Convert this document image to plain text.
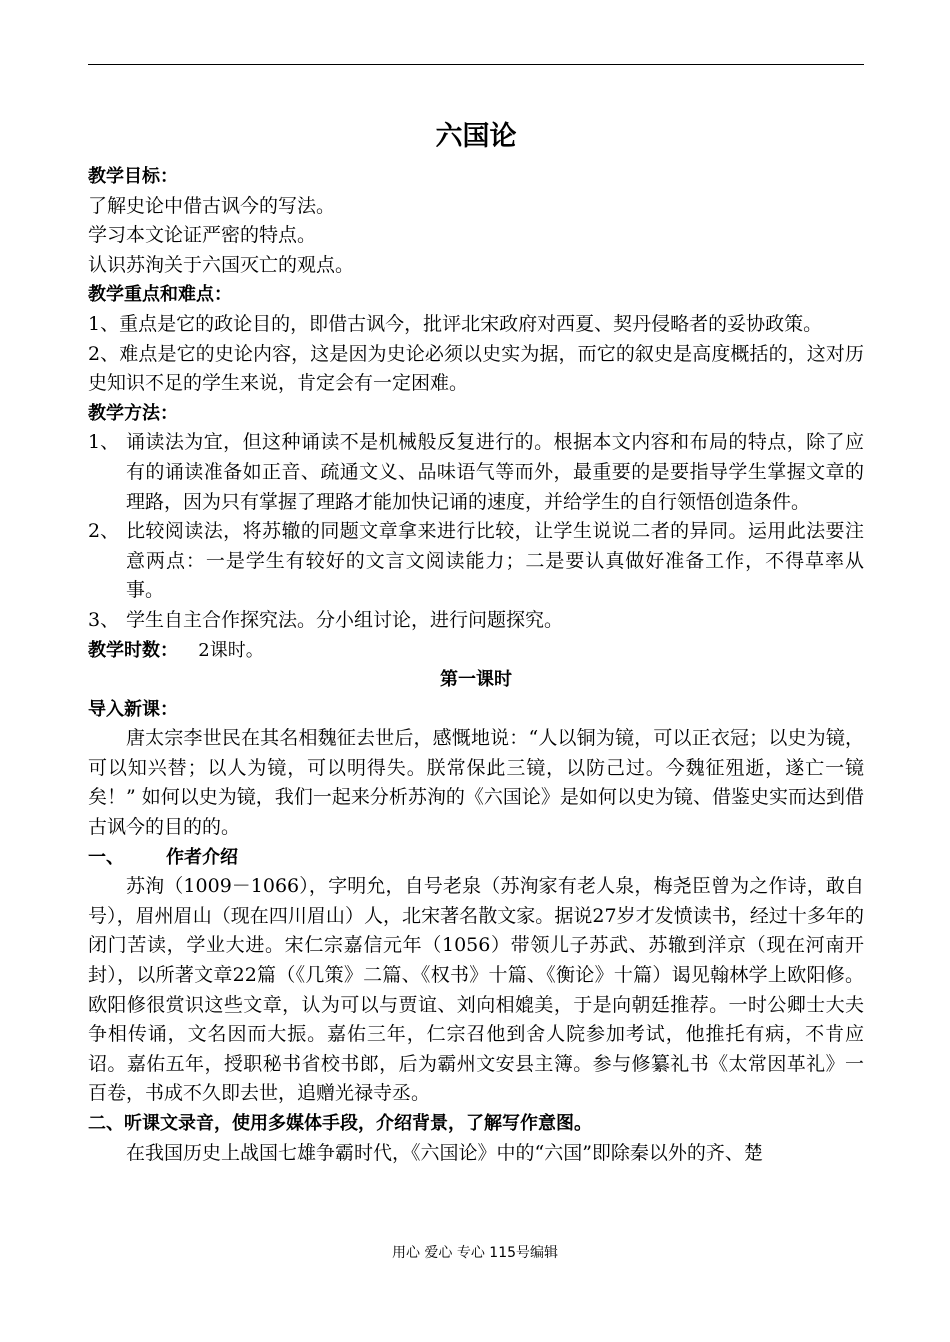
六国论

教学目标：

了解史论中借古讽今的写法。

学习本文论证严密的特点。

认识苏洵关于六国灭亡的观点。

教学重点和难点：

1、重点是它的政论目的，即借古讽今，批评北宋政府对西夏、契丹侵略者的妥协政策。

2、难点是它的史论内容，这是因为史论必须以史实为据，而它的叙史是高度概括的，这对历史知识不足的学生来说，肯定会有一定困难。

教学方法：

1、 诵读法为宜，但这种诵读不是机械般反复进行的。根据本文内容和布局的特点，除了应有的诵读准备如正音、疏通文义、品味语气等而外，最重要的是要指导学生掌握文章的理路，因为只有掌握了理路才能加快记诵的速度，并给学生的自行领悟创造条件。
2、 比较阅读法，将苏辙的同题文章拿来进行比较，让学生说说二者的异同。运用此法要注意两点：一是学生有较好的文言文阅读能力；二是要认真做好准备工作，不得草率从事。
3、 学生自主合作探究法。分小组讨论，进行问题探究。

教学时数： 2课时。

第一课时

导入新课：

唐太宗李世民在其名相魏征去世后，感慨地说：“人以铜为镜，可以正衣冠；以史为镜，可以知兴替；以人为镜，可以明得失。朕常保此三镜，以防己过。今魏征殂逝，遂亡一镜矣！” 如何以史为镜，我们一起来分析苏洵的《六国论》是如何以史为镜、借鉴史实而达到借古讽今的目的的。

一、	作者介绍

苏洵（1009－1066），字明允，自号老泉（苏洵家有老人泉，梅尧臣曾为之作诗，敢自号），眉州眉山（现在四川眉山）人，北宋著名散文家。据说27岁才发愤读书，经过十多年的闭门苦读，学业大进。宋仁宗嘉信元年（1056）带领儿子苏武、苏辙到洋京（现在河南开封），以所著文章22篇（《几策》二篇、《权书》十篇、《衡论》十篇）谒见翰林学上欧阳修。欧阳修很赏识这些文章，认为可以与贾谊、刘向相媲美，于是向朝廷推荐。一时公卿士大夫争相传诵，文名因而大振。嘉佑三年，仁宗召他到舍人院参加考试，他推托有病，不肯应诏。嘉佑五年，授职秘书省校书郎，后为霸州文安县主簿。参与修纂礼书《太常因革礼》一百卷，书成不久即去世，追赠光禄寺丞。

二、听课文录音，使用多媒体手段，介绍背景，了解写作意图。

在我国历史上战国七雄争霸时代，《六国论》中的“六国”即除秦以外的齐、楚

用心 爱心 专心 115号编辑
